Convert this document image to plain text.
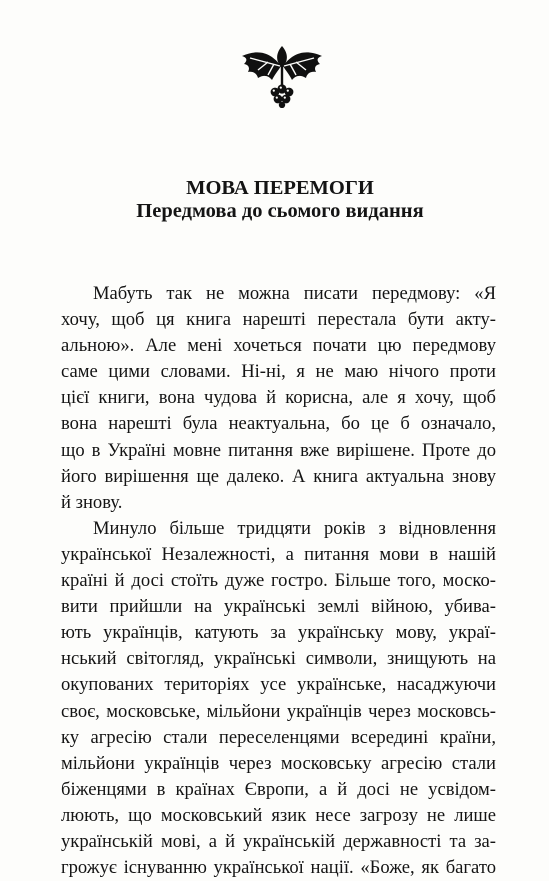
МОВА ПЕРЕМОГИ
Передмова до сьомого видання
Мабуть так не можна писати передмову: «Я
хочу, щоб ця книга нарешті перестала бути акту-
альною». Але мені хочеться почати цю передмову
саме цими словами. Ні-ні, я не маю нічого проти
цієї книги, вона чудова й корисна, але я хочу, щоб
вона нарешті була неактуальна, бо це б означало,
що в Україні мовне питання вже вирішене. Проте до
його вирішення ще далеко. А книга актуальна знову
й знову.
Минуло більше тридцяти років з відновлення
української Незалежності, а питання мови в нашій
країні й досі стоїть дуже гостро. Більше того, моско-
вити прийшли на українські землі війною, убива-
ють українців, катують за українську мову, украї-
нський світогляд, українські символи, знищують на
окупованих територіях усе українське, насаджуючи
своє, московське, мільйони українців через московсь-
ку агресію стали переселенцями всередині країни,
мільйони українців через московську агресію стали
біженцями в країнах Європи, а й досі не усвідом-
люють, що московський язик несе загрозу не лише
українській мові, а й українській державності та за-
грожує існуванню української нації. «Боже, як багато
